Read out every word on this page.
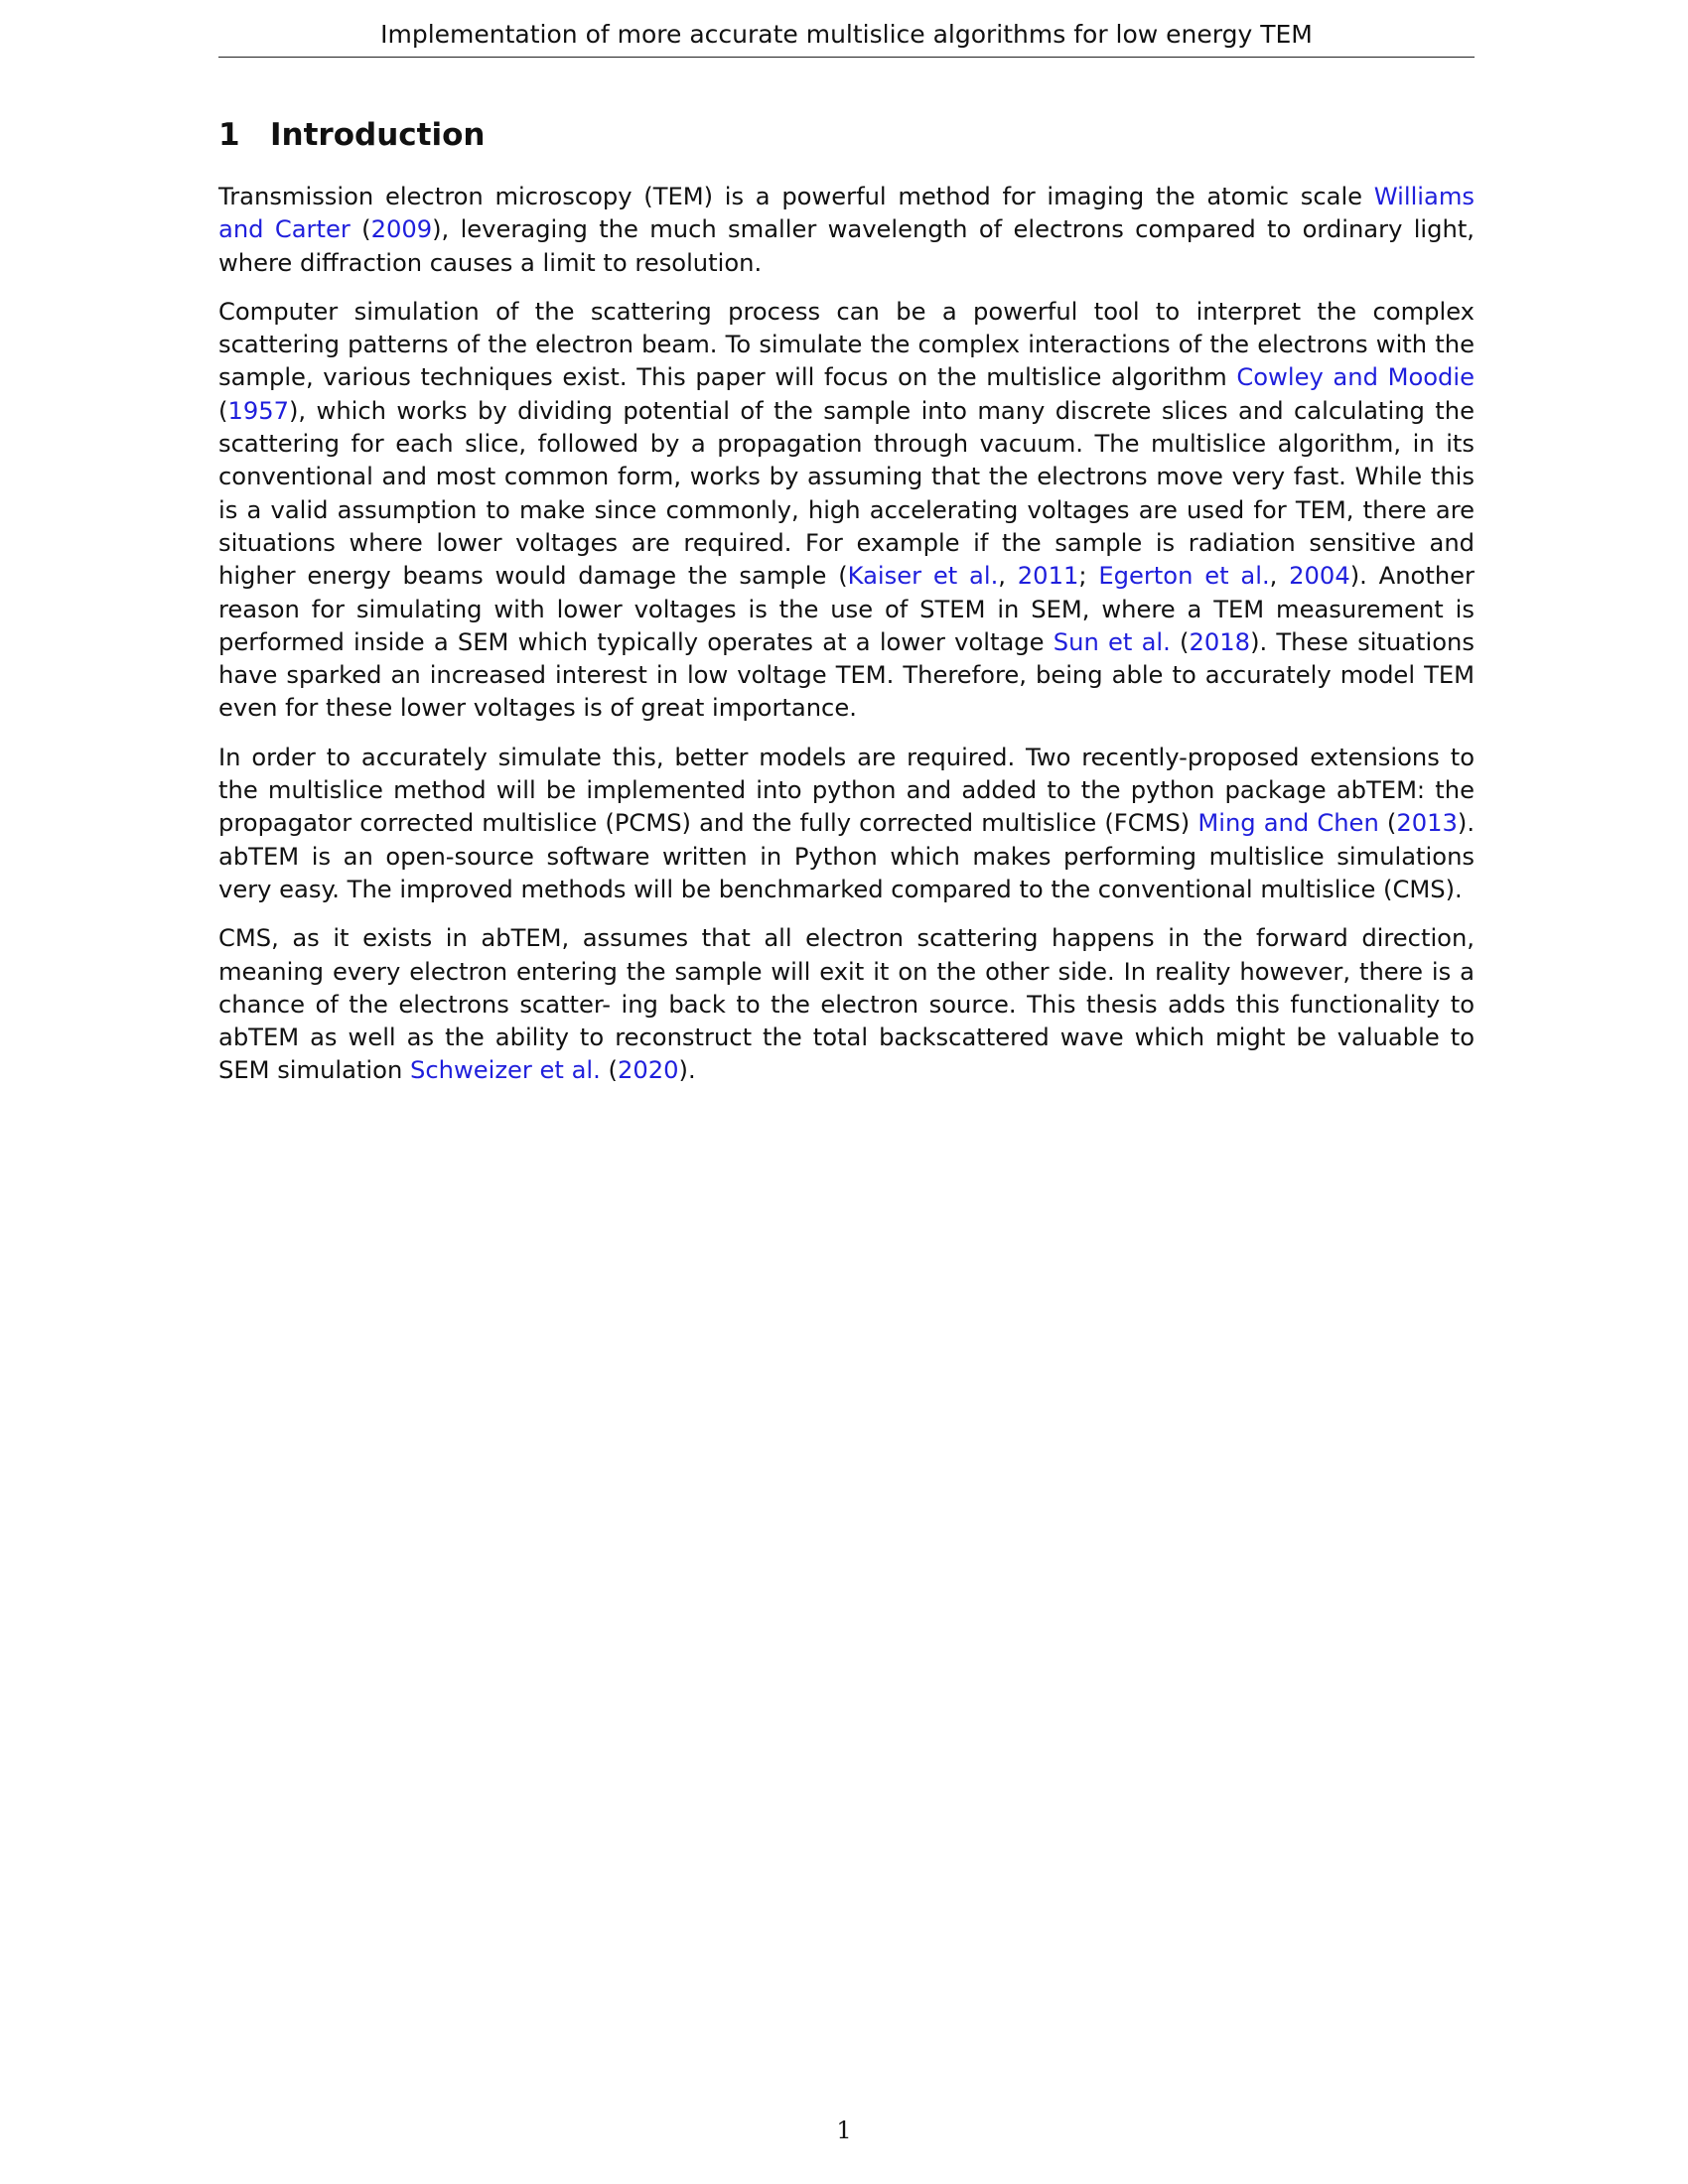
Implementation of more accurate multislice algorithms for low energy TEM
1 Introduction

Transmission electron microscopy (TEM) is a powerful method for imaging the atomic scale Williams and Carter (2009), leveraging the much smaller wavelength of electrons compared to ordinary light, where diffraction causes a limit to resolution.

Computer simulation of the scattering process can be a powerful tool to interpret the complex scattering patterns of the electron beam. To simulate the complex interactions of the electrons with the sample, various techniques exist. This paper will focus on the multislice algorithm Cowley and Moodie (1957), which works by dividing potential of the sample into many discrete slices and calculating the scattering for each slice, followed by a propagation through vacuum. The multislice algorithm, in its conventional and most common form, works by assuming that the electrons move very fast. While this is a valid assumption to make since commonly, high accelerating voltages are used for TEM, there are situations where lower voltages are required. For example if the sample is radiation sensitive and higher energy beams would damage the sample (Kaiser et al., 2011; Egerton et al., 2004). Another reason for simulating with lower voltages is the use of STEM in SEM, where a TEM measurement is performed inside a SEM which typically operates at a lower voltage Sun et al. (2018). These situations have sparked an increased interest in low voltage TEM. Therefore, being able to accurately model TEM even for these lower voltages is of great importance.

In order to accurately simulate this, better models are required. Two recently-proposed extensions to the multislice method will be implemented into python and added to the python package abTEM: the propagator corrected multislice (PCMS) and the fully corrected multislice (FCMS) Ming and Chen (2013). abTEM is an open-source software written in Python which makes performing multislice simulations very easy. The improved methods will be benchmarked compared to the conventional multislice (CMS).

CMS, as it exists in abTEM, assumes that all electron scattering happens in the forward direction, meaning every electron entering the sample will exit it on the other side. In reality however, there is a chance of the electrons scatter- ing back to the electron source. This thesis adds this functionality to abTEM as well as the ability to reconstruct the total backscattered wave which might be valuable to SEM simulation Schweizer et al. (2020).

1
